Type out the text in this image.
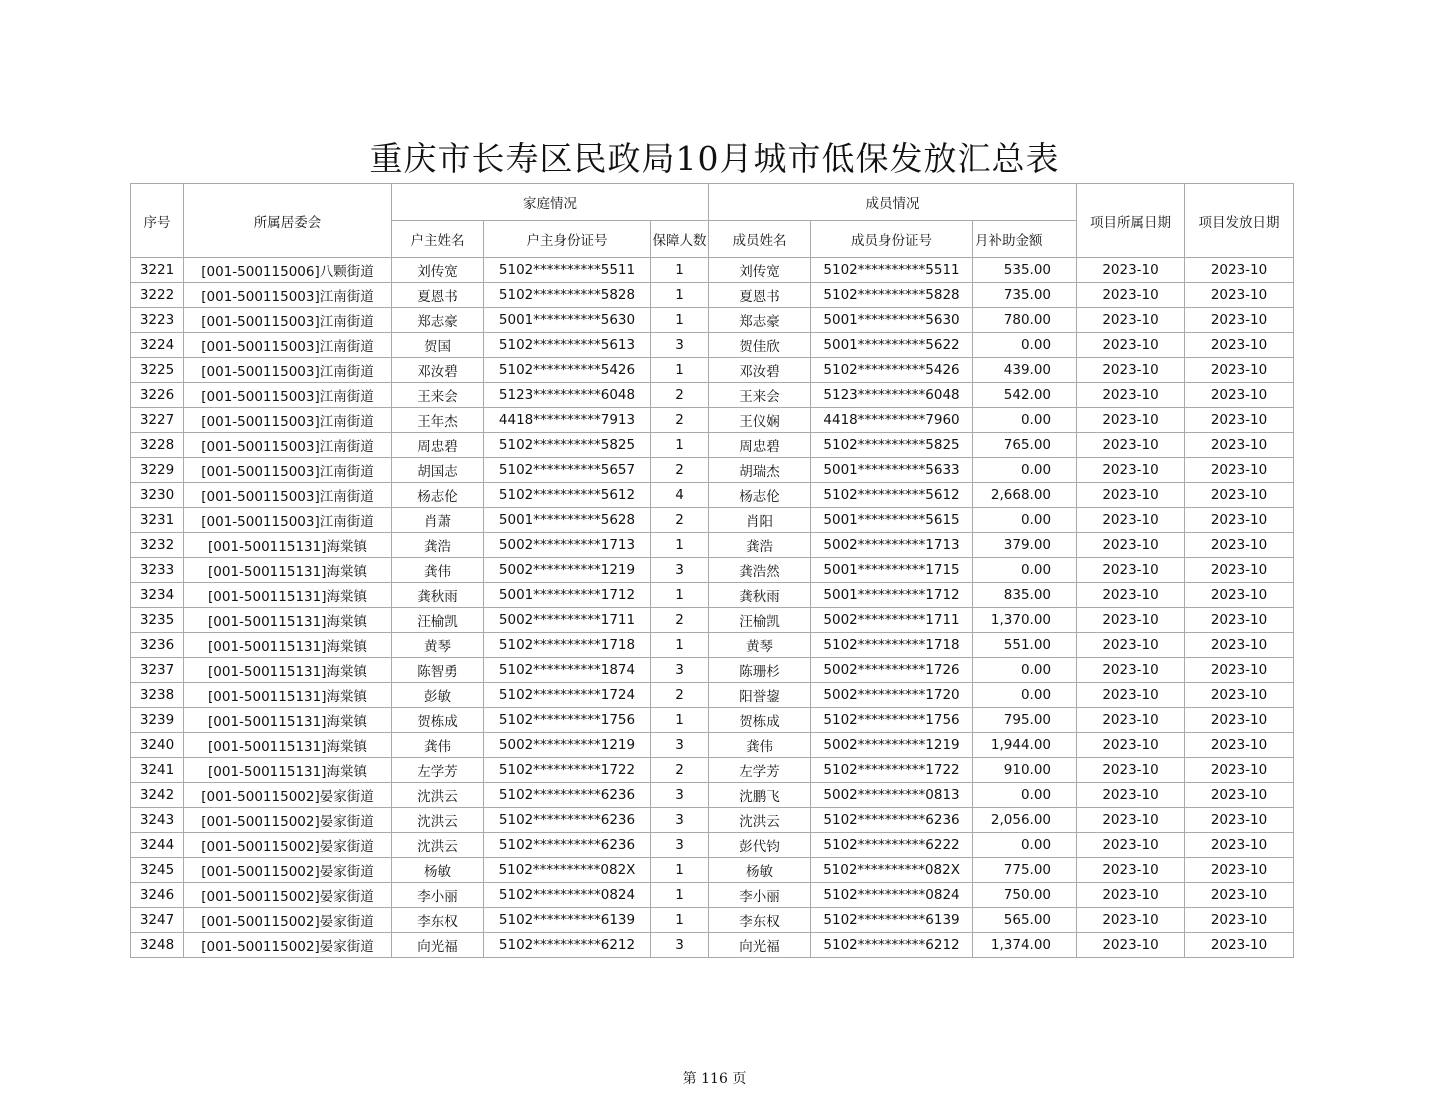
重庆市长寿区民政局10月城市低保发放汇总表
序号	所属居委会	家庭情况			成员情况			项目所属日期	项目发放日期
		户主姓名	户主身份证号	保障人数	成员姓名	成员身份证号	月补助金额		
3221	[001-500115006]八颗街道	刘传宽	5102**********5511	1	刘传宽	5102**********5511	535.00	2023-10	2023-10
3222	[001-500115003]江南街道	夏恩书	5102**********5828	1	夏恩书	5102**********5828	735.00	2023-10	2023-10
3223	[001-500115003]江南街道	郑志豪	5001**********5630	1	郑志豪	5001**********5630	780.00	2023-10	2023-10
3224	[001-500115003]江南街道	贺国	5102**********5613	3	贺佳欣	5001**********5622	0.00	2023-10	2023-10
3225	[001-500115003]江南街道	邓汝碧	5102**********5426	1	邓汝碧	5102**********5426	439.00	2023-10	2023-10
3226	[001-500115003]江南街道	王来会	5123**********6048	2	王来会	5123**********6048	542.00	2023-10	2023-10
3227	[001-500115003]江南街道	王年杰	4418**********7913	2	王仪娴	4418**********7960	0.00	2023-10	2023-10
3228	[001-500115003]江南街道	周忠碧	5102**********5825	1	周忠碧	5102**********5825	765.00	2023-10	2023-10
3229	[001-500115003]江南街道	胡国志	5102**********5657	2	胡瑞杰	5001**********5633	0.00	2023-10	2023-10
3230	[001-500115003]江南街道	杨志伦	5102**********5612	4	杨志伦	5102**********5612	2,668.00	2023-10	2023-10
3231	[001-500115003]江南街道	肖萧	5001**********5628	2	肖阳	5001**********5615	0.00	2023-10	2023-10
3232	[001-500115131]海棠镇	龚浩	5002**********1713	1	龚浩	5002**********1713	379.00	2023-10	2023-10
3233	[001-500115131]海棠镇	龚伟	5002**********1219	3	龚浩然	5001**********1715	0.00	2023-10	2023-10
3234	[001-500115131]海棠镇	龚秋雨	5001**********1712	1	龚秋雨	5001**********1712	835.00	2023-10	2023-10
3235	[001-500115131]海棠镇	汪榆凯	5002**********1711	2	汪榆凯	5002**********1711	1,370.00	2023-10	2023-10
3236	[001-500115131]海棠镇	黄琴	5102**********1718	1	黄琴	5102**********1718	551.00	2023-10	2023-10
3237	[001-500115131]海棠镇	陈智勇	5102**********1874	3	陈珊杉	5002**********1726	0.00	2023-10	2023-10
3238	[001-500115131]海棠镇	彭敏	5102**********1724	2	阳誉鋆	5002**********1720	0.00	2023-10	2023-10
3239	[001-500115131]海棠镇	贺栋成	5102**********1756	1	贺栋成	5102**********1756	795.00	2023-10	2023-10
3240	[001-500115131]海棠镇	龚伟	5002**********1219	3	龚伟	5002**********1219	1,944.00	2023-10	2023-10
3241	[001-500115131]海棠镇	左学芳	5102**********1722	2	左学芳	5102**********1722	910.00	2023-10	2023-10
3242	[001-500115002]晏家街道	沈洪云	5102**********6236	3	沈鹏飞	5002**********0813	0.00	2023-10	2023-10
3243	[001-500115002]晏家街道	沈洪云	5102**********6236	3	沈洪云	5102**********6236	2,056.00	2023-10	2023-10
3244	[001-500115002]晏家街道	沈洪云	5102**********6236	3	彭代钧	5102**********6222	0.00	2023-10	2023-10
3245	[001-500115002]晏家街道	杨敏	5102**********082X	1	杨敏	5102**********082X	775.00	2023-10	2023-10
3246	[001-500115002]晏家街道	李小丽	5102**********0824	1	李小丽	5102**********0824	750.00	2023-10	2023-10
3247	[001-500115002]晏家街道	李东权	5102**********6139	1	李东权	5102**********6139	565.00	2023-10	2023-10
3248	[001-500115002]晏家街道	向光福	5102**********6212	3	向光福	5102**********6212	1,374.00	2023-10	2023-10
第 116 页
